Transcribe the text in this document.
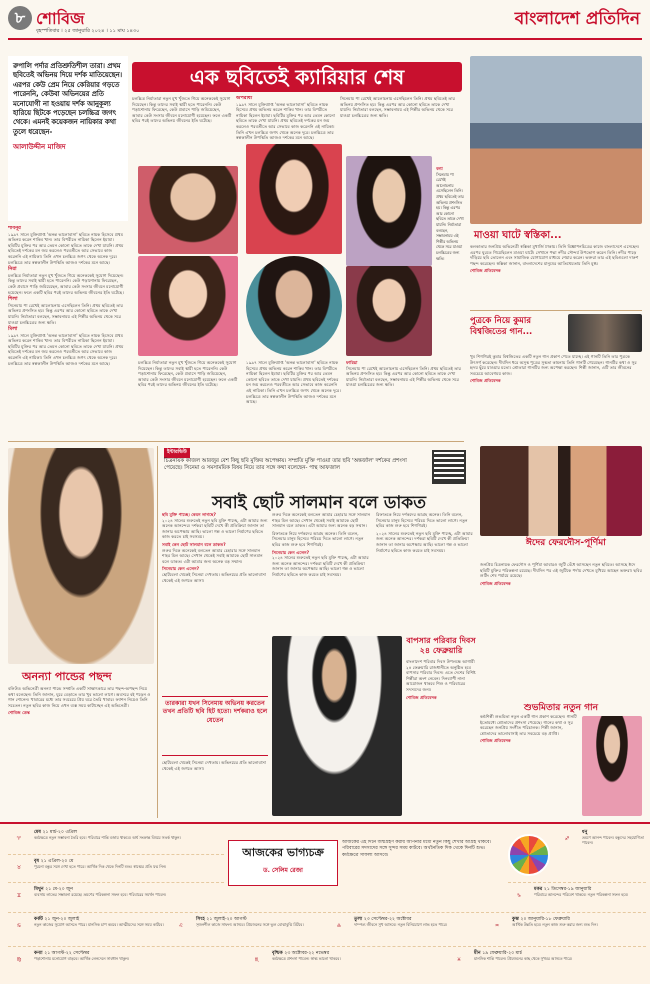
৮ শোবিজ
বৃহস্পতিবার । ২৫ জানুয়ারি ২০২৪ । ১১ মাঘ ১৪৩০
বাংলাদেশ প্রতিদিন
রুপালি পর্দার প্রতিশ্রুতিশীল তারা। প্রথম ছবিতেই অভিনয় দিয়ে দর্শক মাতিয়েছেন। এরপর কেউ প্রেম নিয়ে কেরিয়ার গড়তে পারেননি, কেউবা অভিনয়ের প্রতি মনোযোগী না হওয়ায় দর্শক আনুকূল্য হারিয়ে ছিটকে পড়েছেন চলচ্চিত্র জগৎ থেকে। এমনই কয়েকজন নায়িকার কথা তুলে ধরেছেন-
আলাউদ্দীন মাজিদ
এক ছবিতেই ক্যারিয়ার শেষ

চলচ্চিত্র নির্মাতারা নতুন মুখ খুঁজতে গিয়ে অনেককেই সুযোগ দিয়েছেন। কিন্তু তাদের সবাই স্থায়ী হতে পারেননি। কেউ পড়াশোনায় ফিরেছেন, কেউ প্রবাসে পাড়ি জমিয়েছেন, আবার কেউ সংসার জীবনে মনোযোগী হয়েছেন। ফলে একটি ছবির পরই তাদের অভিনয় জীবনের ইতি ঘটেছে।

অপরাধী

১৯৯৭ সালে মুক্তিপ্রাপ্ত 'অনন্ত ভালোবাসা' ছবিতে নায়ক হিসেবে প্রথম অভিনয় করেন শাকিব খান। তার বিপরীতে নায়িকা ছিলেন ইমামা। ছবিটির মুক্তির পর আর তেমন কোনো ছবিতে তাকে দেখা যায়নি। প্রথম ছবিতেই দর্শকের মন জয় করলেও পরবর্তীতে আর সেভাবে কাজ করেননি এই নায়িকা। তিনি এখন চলচ্চিত্র জগৎ থেকে অনেক দূরে। চলচ্চিত্রে তার স্বল্পকালীন উপস্থিতি আজও দর্শকের মনে আছে।

সিনেমায় পা রেখেই আলোচনায় এসেছিলেন তিনি। প্রথম ছবিতেই তার অভিনয় প্রশংসিত হয়। কিন্তু এরপর আর কোনো ছবিতে তাকে দেখা যায়নি। নির্মাতারা বলছেন, সম্ভাবনাময় এই শিল্পীর অভিনয় থেকে সরে যাওয়া চলচ্চিত্রের জন্য ক্ষতি।

শাবনূর

১৯৯৭ সালে মুক্তিপ্রাপ্ত 'অনন্ত ভালোবাসা' ছবিতে নায়ক হিসেবে প্রথম অভিনয় করেন শাকিব খান। তার বিপরীতে নায়িকা ছিলেন ইমামা। ছবিটির মুক্তির পর আর তেমন কোনো ছবিতে তাকে দেখা যায়নি। প্রথম ছবিতেই দর্শকের মন জয় করলেও পরবর্তীতে আর সেভাবে কাজ করেননি এই নায়িকা। তিনি এখন চলচ্চিত্র জগৎ থেকে অনেক দূরে। চলচ্চিত্রে তার স্বল্পকালীন উপস্থিতি আজও দর্শকের মনে আছে।

নিরা

চলচ্চিত্র নির্মাতারা নতুন মুখ খুঁজতে গিয়ে অনেককেই সুযোগ দিয়েছেন। কিন্তু তাদের সবাই স্থায়ী হতে পারেননি। কেউ পড়াশোনায় ফিরেছেন, কেউ প্রবাসে পাড়ি জমিয়েছেন, আবার কেউ সংসার জীবনে মনোযোগী হয়েছেন। ফলে একটি ছবির পরই তাদের অভিনয় জীবনের ইতি ঘটেছে।

শিলা

সিনেমায় পা রেখেই আলোচনায় এসেছিলেন তিনি। প্রথম ছবিতেই তার অভিনয় প্রশংসিত হয়। কিন্তু এরপর আর কোনো ছবিতে তাকে দেখা যায়নি। নির্মাতারা বলছেন, সম্ভাবনাময় এই শিল্পীর অভিনয় থেকে সরে যাওয়া চলচ্চিত্রের জন্য ক্ষতি।

মিলা

১৯৯৭ সালে মুক্তিপ্রাপ্ত 'অনন্ত ভালোবাসা' ছবিতে নায়ক হিসেবে প্রথম অভিনয় করেন শাকিব খান। তার বিপরীতে নায়িকা ছিলেন ইমামা। ছবিটির মুক্তির পর আর তেমন কোনো ছবিতে তাকে দেখা যায়নি। প্রথম ছবিতেই দর্শকের মন জয় করলেও পরবর্তীতে আর সেভাবে কাজ করেননি এই নায়িকা। তিনি এখন চলচ্চিত্র জগৎ থেকে অনেক দূরে। চলচ্চিত্রে তার স্বল্পকালীন উপস্থিতি আজও দর্শকের মনে আছে।

বন্যা

সিনেমায় পা রেখেই আলোচনায় এসেছিলেন তিনি। প্রথম ছবিতেই তার অভিনয় প্রশংসিত হয়। কিন্তু এরপর আর কোনো ছবিতে তাকে দেখা যায়নি। নির্মাতারা বলছেন, সম্ভাবনাময় এই শিল্পীর অভিনয় থেকে সরে যাওয়া চলচ্চিত্রের জন্য ক্ষতি।

চলচ্চিত্র নির্মাতারা নতুন মুখ খুঁজতে গিয়ে অনেককেই সুযোগ দিয়েছেন। কিন্তু তাদের সবাই স্থায়ী হতে পারেননি। কেউ পড়াশোনায় ফিরেছেন, কেউ প্রবাসে পাড়ি জমিয়েছেন, আবার কেউ সংসার জীবনে মনোযোগী হয়েছেন। ফলে একটি ছবির পরই তাদের অভিনয় জীবনের ইতি ঘটেছে।

১৯৯৭ সালে মুক্তিপ্রাপ্ত 'অনন্ত ভালোবাসা' ছবিতে নায়ক হিসেবে প্রথম অভিনয় করেন শাকিব খান। তার বিপরীতে নায়িকা ছিলেন ইমামা। ছবিটির মুক্তির পর আর তেমন কোনো ছবিতে তাকে দেখা যায়নি। প্রথম ছবিতেই দর্শকের মন জয় করলেও পরবর্তীতে আর সেভাবে কাজ করেননি এই নায়িকা। তিনি এখন চলচ্চিত্র জগৎ থেকে অনেক দূরে। চলচ্চিত্রে তার স্বল্পকালীন উপস্থিতি আজও দর্শকের মনে আছে।

ফারিয়া

সিনেমায় পা রেখেই আলোচনায় এসেছিলেন তিনি। প্রথম ছবিতেই তার অভিনয় প্রশংসিত হয়। কিন্তু এরপর আর কোনো ছবিতে তাকে দেখা যায়নি। নির্মাতারা বলছেন, সম্ভাবনাময় এই শিল্পীর অভিনয় থেকে সরে যাওয়া চলচ্চিত্রের জন্য ক্ষতি।

মাওয়া ঘাটে স্বস্তিকা...

কলকাতার জনপ্রিয় অভিনেত্রী স্বস্তিকা মুখার্জি ঢাকায়। তিনি বিজ্ঞাপনচিত্রের কাজে বাংলাদেশে এসেছেন। এরপর ঘুরতে গিয়েছিলেন মাওয়া ঘাটে। সেখানে পদ্মা নদীর সৌন্দর্য উপভোগ করেন তিনি। নদীর পাড়ে দাঁড়িয়ে ছবি তোলেন এবং সামাজিক যোগাযোগ মাধ্যমে শেয়ার করেন। ভক্তরা তার এই ছবিগুলো দারুণ পছন্দ করেছেন। স্বস্তিকা জানান, বাংলাদেশের মানুষের আতিথেয়তায় তিনি মুগ্ধ।

শোবিজ প্রতিবেদক
পুত্রকে নিয়ে কুমার বিশ্বজিতের গান...

খুব শিগগিরই কুমার বিশ্বজিতের একটি নতুন গান প্রকাশ পেতে যাচ্ছে। এই গানটি তিনি তার পুত্রকে উৎসর্গ করেছেন। দীর্ঘদিন ধরে অসুস্থ পুত্রের সুস্থতা কামনায় তিনি গানটি গেয়েছেন। গানটির কথা ও সুর হৃদয় ছুঁয়ে যাওয়ার মতো। শ্রোতারা গানটির জন্য অপেক্ষা করছেন। শিল্পী জানান, এটি তার জীবনের সবচেয়ে আবেগময় কাজ।

শোবিজ প্রতিবেদক
অনন্যা পান্ডের পছন্দ

বলিউড অভিনেত্রী অনন্যা পান্ডে সম্প্রতি একটি সাক্ষাৎকারে তার পছন্দ-অপছন্দ নিয়ে কথা বলেছেন। তিনি জানান, ঘুরে বেড়াতে তার খুব ভালো লাগে। অবসরে বই পড়েন ও গান শোনেন। খাবারের মধ্যে তার সবচেয়ে প্রিয় ঘরে তৈরি খাবার। ফ্যাশন নিয়েও তিনি সচেতন। নতুন ছবির কাজ নিয়ে এখন ব্যস্ত সময় কাটাচ্ছেন এই অভিনেত্রী।

শোবিজ ডেস্ক
ইন্টারভিউ
চিত্রনায়ক কাজল আরজুর বেশ কিছু ছবি মুক্তির অপেক্ষায়। সম্প্রতি মুক্তি পাওয়া তার ছবি 'অন্তর্জাল' দর্শকের প্রশংসা পেয়েছে। সিনেমা ও সমসাময়িক বিষয় নিয়ে তার সঙ্গে কথা বলেছেন- পান্থ আফজাল
সবাই ছোট সালমান বলে ডাকত
ছবি মুক্তি পাচ্ছে। কেমন লাগছে?

২০২৪ সালের শুরুতেই নতুন ছবি মুক্তি পাচ্ছে, এটা আমার জন্য অনেক আনন্দের। দর্শকরা ছবিটি দেখে কী প্রতিক্রিয়া জানান তা জানার অপেক্ষায় আছি। ভালো গল্প ও ভালো নির্মাণের ছবিতে কাজ করতে চাই সবসময়।

সবাই কেন ছোট সালমান বলে ডাকত?

শুরুর দিকে অনেকেই বলতেন আমার চেহারার সঙ্গে সালমান শাহর মিল আছে। সেখান থেকেই সবাই আমাকে ছোট সালমান বলে ডাকত। এটা আমার জন্য অনেক বড় সম্মান।

সিনেমায় কেন এলেন?

ছোটবেলা থেকেই সিনেমা দেখতাম। অভিনয়ের প্রতি ভালোবাসা থেকেই এই জগতে আসা।

শুরুর দিকে অনেকেই বলতেন আমার চেহারার সঙ্গে সালমান শাহর মিল আছে। সেখান থেকেই সবাই আমাকে ছোট সালমান বলে ডাকত। এটা আমার জন্য অনেক বড় সম্মান।

রিফাতকে নিয়ে দর্শকদের আগ্রহ অনেক। তিনি বলেন, সিনেমার মানুষ হিসেবে পরিচয় দিতে ভালো লাগে। নতুন ছবির কাজ শুরু হবে শিগগিরই।

সিনেমায় কেন এলেন?

২০২৪ সালের শুরুতেই নতুন ছবি মুক্তি পাচ্ছে, এটা আমার জন্য অনেক আনন্দের। দর্শকরা ছবিটি দেখে কী প্রতিক্রিয়া জানান তা জানার অপেক্ষায় আছি। ভালো গল্প ও ভালো নির্মাণের ছবিতে কাজ করতে চাই সবসময়।

তারকারা যখন সিনেমায় অভিনয় করতেন তখন প্রতিটি ছবি হিট হতো। দর্শকরাও হলে যেতেন

ছোটবেলা থেকেই সিনেমা দেখতাম। অভিনয়ের প্রতি ভালোবাসা থেকেই এই জগতে আসা।

রিফাতকে নিয়ে দর্শকদের আগ্রহ অনেক। তিনি বলেন, সিনেমার মানুষ হিসেবে পরিচয় দিতে ভালো লাগে। নতুন ছবির কাজ শুরু হবে শিগগিরই।

২০২৪ সালের শুরুতেই নতুন ছবি মুক্তি পাচ্ছে, এটা আমার জন্য অনেক আনন্দের। দর্শকরা ছবিটি দেখে কী প্রতিক্রিয়া জানান তা জানার অপেক্ষায় আছি। ভালো গল্প ও ভালো নির্মাণের ছবিতে কাজ করতে চাই সবসময়।

বাপসার পরিবার দিবস ২৪ ফেব্রুয়ারি

বাংলাদেশ পরিবার দিবস উপলক্ষে আগামী ২৪ ফেব্রুয়ারি রাজধানীতে অনুষ্ঠিত হবে বাপসার পরিবার দিবস। এতে দেশের বিশিষ্ট শিল্পীরা অংশ নেবেন। দিনব্যাপী নানা আয়োজন থাকবে শিশু ও পরিবারের সদস্যদের জন্য।

শোবিজ প্রতিবেদক
ঈদের ফেরদৌস-পূর্ণিমা

জনপ্রিয় চিত্রনায়ক ফেরদৌস ও পূর্ণিমা আবারও জুটি বেঁধে আসছেন নতুন ছবিতে। আসছে ঈদে ছবিটি মুক্তির পরিকল্পনা রয়েছে। দীর্ঘদিন পর এই জুটিকে পর্দায় দেখতে মুখিয়ে আছেন ভক্তরা। ছবির শুটিং শেষ পর্যায়ে রয়েছে।

শোবিজ প্রতিবেদক
শুভমিতার নতুন গান

কণ্ঠশিল্পী শুভমিতা নতুন একটি গান প্রকাশ করেছেন। গানটি ইতোমধ্যে শ্রোতাদের প্রশংসা পেয়েছে। গানের কথা ও সুর করেছেন জনপ্রিয় সংগীত পরিচালক। শিল্পী জানান, শ্রোতাদের ভালোবাসাই তার সবচেয়ে বড় প্রাপ্তি।

শোবিজ প্রতিবেদক
আজকের ভাগ্যচক্র
ড. সেলিম রেজা
আজকের এই দিনে জন্মগ্রহণ করায় আপনার মধ্যে নতুন কিছু শেখার আগ্রহ থাকবে। পরিবারের সদস্যদের সঙ্গে সুন্দর সময় কাটবে। অর্থনৈতিক দিক থেকে দিনটি শুভ। কর্মক্ষেত্রে সাফল্য আসবে।
♈
মেষ ২১ মার্চ-২০ এপ্রিল
কর্মক্ষেত্রে নতুন সম্ভাবনা তৈরি হবে। পরিবারে শান্তি বজায় থাকবে। অর্থ সংক্রান্ত বিষয়ে সতর্ক থাকুন।
♉
বৃষ ২১ এপ্রিল-২০ মে
পুরনো বন্ধুর সঙ্গে দেখা হতে পারে। আর্থিক দিক থেকে দিনটি শুভ। স্বাস্থ্যের প্রতি যত্ন নিন।
♊
মিথুন ২১ মে-২০ জুন
ব্যবসায় লাভের সম্ভাবনা রয়েছে। ভ্রমণের পরিকল্পনা সফল হবে। পরিবারের সমর্থন পাবেন।
♐
ধনু
ভ্রমণে আনন্দ পাবেন। বন্ধুদের সহযোগিতা পাবেন।
♑
মকর ২১ ডিসেম্বর-১৯ জানুয়ারি
পরিবারে আনন্দের পরিবেশ থাকবে। নতুন পরিকল্পনা সফল হবে।
♋
কর্কট ২১ জুন-২০ জুলাই
নতুন কাজের সুযোগ আসতে পারে। মানসিক চাপ কমবে। আত্মীয়দের সঙ্গে সময় কাটবে।	♌
সিংহ ২১ জুলাই-২০ আগস্ট
সৃজনশীল কাজে সাফল্য আসবে। প্রিয়জনের সঙ্গে ভুল বোঝাবুঝি মিটবে।	♎
তুলা ২৩ সেপ্টেম্বর-২২ অক্টোবর
দাম্পত্য জীবনে সুখ আসবে। নতুন বিনিয়োগে লাভ হতে পারে।	♒
কুম্ভ ২০ জানুয়ারি-১৮ ফেব্রুয়ারি
আর্থিক উন্নতি হবে। নতুন কাজ শুরু করার জন্য শুভ দিন।
♍
কন্যা ২১ আগস্ট-২২ সেপ্টেম্বর
পড়াশোনায় মনোযোগ বাড়বে। আর্থিক লেনদেনে সাবধান থাকুন।	♏
বৃশ্চিক ২৩ অক্টোবর-২২ নভেম্বর
কর্মক্ষেত্রে প্রশংসা পাবেন। স্বাস্থ্য ভালো থাকবে।	♓
মীন ১৯ ফেব্রুয়ারি-২০ মার্চ
মানসিক শান্তি পাবেন। প্রিয়জনের কাছ থেকে সুখবর আসতে পারে।
